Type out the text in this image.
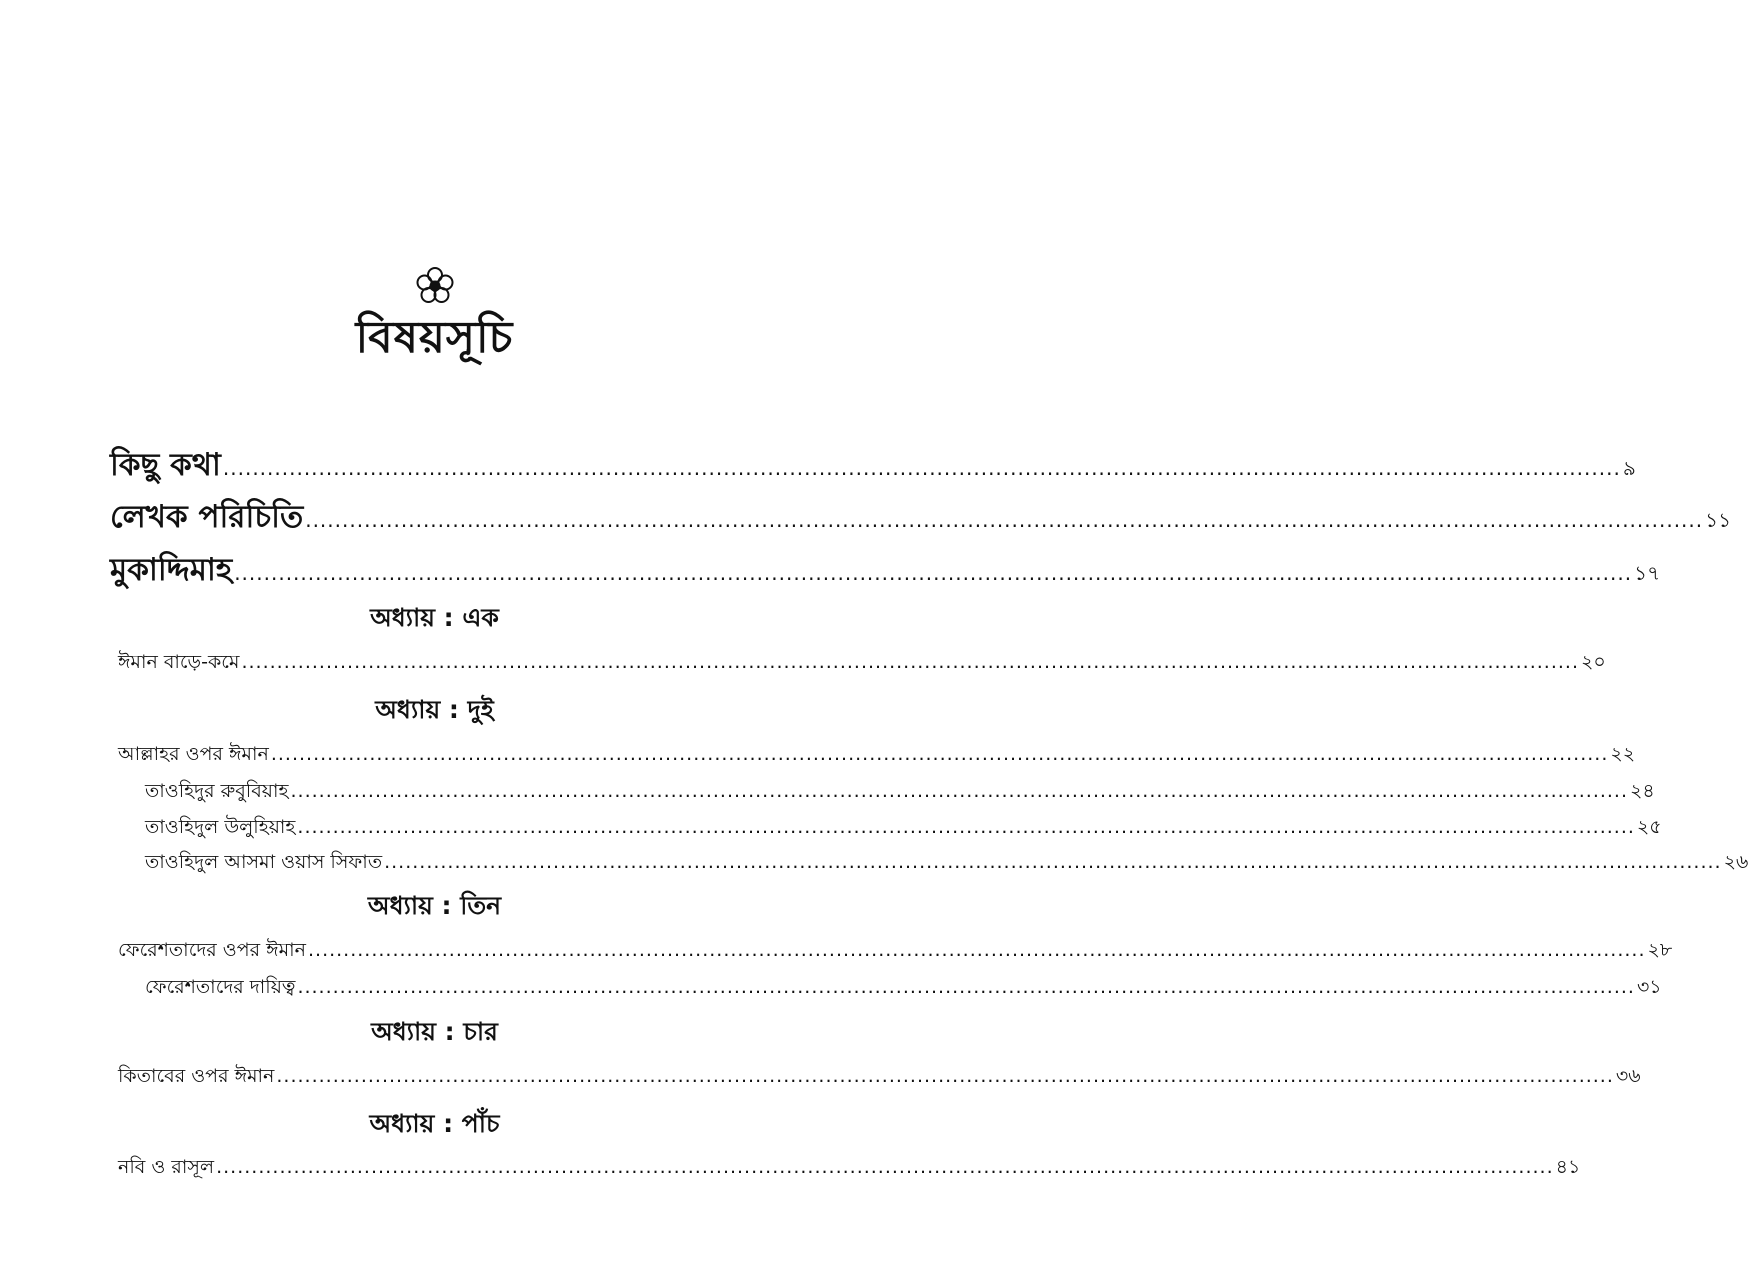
বিষয়সূচি
কিছু কথা .............................................................................................................................................................................................. ৯
লেখক পরিচিতি .............................................................................................................................................................................................. ১১
মুকাদ্দিমাহ .............................................................................................................................................................................................. ১৭
অধ্যায় : এক
ঈমান বাড়ে-কমে .............................................................................................................................................................................................. ২০
অধ্যায় : দুই
আল্লাহর ওপর ঈমান .............................................................................................................................................................................................. ২২
তাওহিদুর রুবুবিয়াহ .............................................................................................................................................................................................. ২৪
তাওহিদুল উলুহিয়াহ .............................................................................................................................................................................................. ২৫
তাওহিদুল আসমা ওয়াস সিফাত .............................................................................................................................................................................................. ২৬
অধ্যায় : তিন
ফেরেশতাদের ওপর ঈমান .............................................................................................................................................................................................. ২৮
ফেরেশতাদের দায়িত্ব .............................................................................................................................................................................................. ৩১
অধ্যায় : চার
কিতাবের ওপর ঈমান .............................................................................................................................................................................................. ৩৬
অধ্যায় : পাঁচ
নবি ও রাসূল .............................................................................................................................................................................................. ৪১
